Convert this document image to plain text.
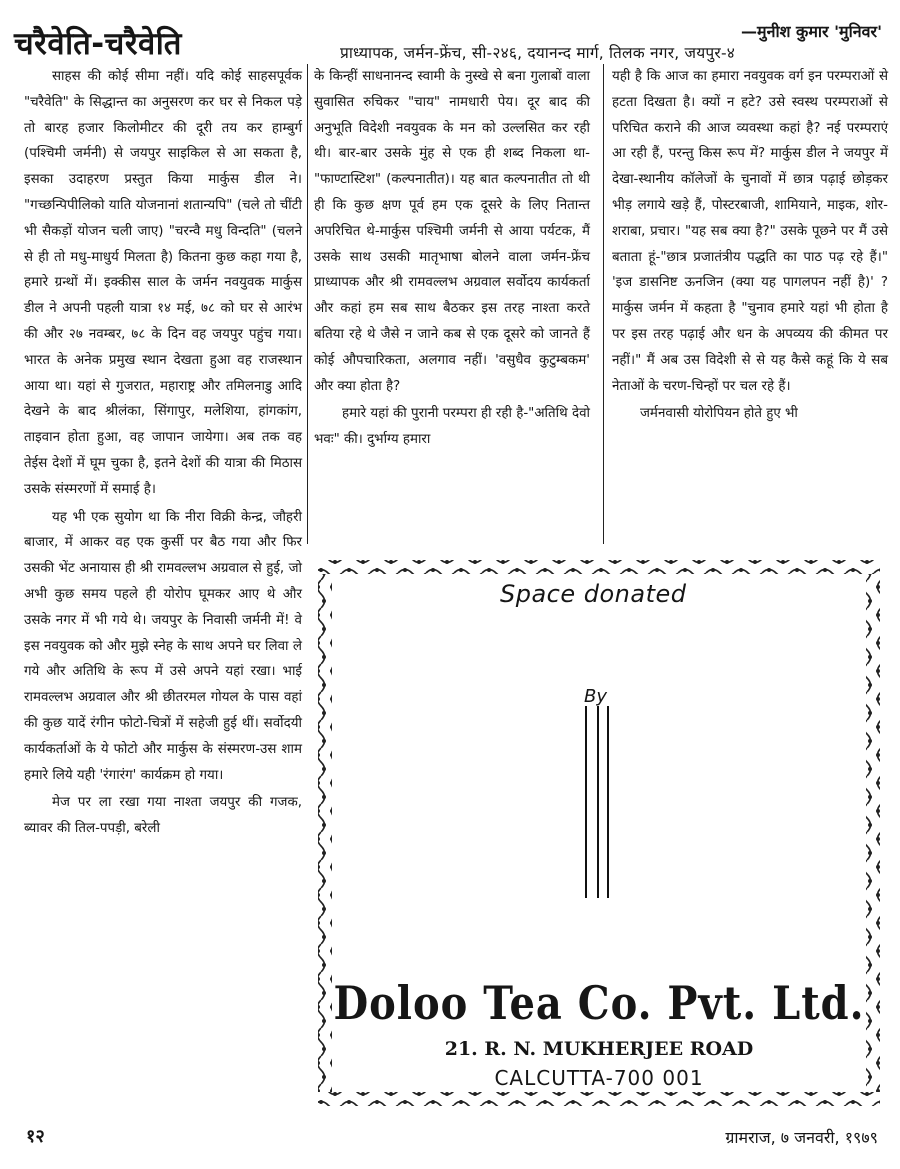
चरैवेति-चरैवेति	—मुनीश कुमार 'मुनिवर'
प्राध्यापक, जर्मन-फ्रेंच, सी-२४६, दयानन्द मार्ग, तिलक नगर, जयपुर-४

साहस की कोई सीमा नहीं। यदि कोई साहसपूर्वक "चरैवेति" के सिद्धान्त का अनुसरण कर घर से निकल पड़े तो बारह हजार किलोमीटर की दूरी तय कर हाम्बुर्ग (पश्चिमी जर्मनी) से जयपुर साइकिल से आ सकता है, इसका उदाहरण प्रस्तुत किया मार्कुस डील ने। "गच्छन्पिपीलिको याति योजनानां शतान्यपि" (चले तो चींटी भी सैकड़ों योजन चली जाए) "चरन्वै मधु विन्दति" (चलने से ही तो मधु-माधुर्य मिलता है) कितना कुछ कहा गया है, हमारे ग्रन्थों में। इक्कीस साल के जर्मन नवयुवक मार्कुस डील ने अपनी पहली यात्रा १४ मई, ७८ को घर से आरंभ की और २७ नवम्बर, ७८ के दिन वह जयपुर पहुंच गया। भारत के अनेक प्रमुख स्थान देखता हुआ वह राजस्थान आया था। यहां से गुजरात, महाराष्ट्र और तमिलनाडु आदि देखने के बाद श्रीलंका, सिंगापुर, मलेशिया, हांगकांग, ताइवान होता हुआ, वह जापान जायेगा। अब तक वह तेईस देशों में घूम चुका है, इतने देशों की यात्रा की मिठास उसके संस्मरणों में समाई है।

यह भी एक सुयोग था कि नीरा विक्री केन्द्र, जौहरी बाजार, में आकर वह एक कुर्सी पर बैठ गया और फिर उसकी भेंट अनायास ही श्री रामवल्लभ अग्रवाल से हुई, जो अभी कुछ समय पहले ही योरोप घूमकर आए थे और उसके नगर में भी गये थे। जयपुर के निवासी जर्मनी में! वे इस नवयुवक को और मुझे स्नेह के साथ अपने घर लिवा ले गये और अतिथि के रूप में उसे अपने यहां रखा। भाई रामवल्लभ अग्रवाल और श्री छीतरमल गोयल के पास वहां की कुछ यादें रंगीन फोटो-चित्रों में सहेजी हुई थीं। सर्वोदयी कार्यकर्ताओं के ये फोटो और मार्कुस के संस्मरण-उस शाम हमारे लिये यही 'रंगारंग' कार्यक्रम हो गया।

मेज पर ला रखा गया नाश्ता जयपुर की गजक, ब्यावर की तिल-पपड़ी, बरेली

के किन्हीं साधनानन्द स्वामी के नुस्खे से बना गुलाबों वाला सुवासित रुचिकर "चाय" नामधारी पेय। दूर बाद की अनुभूति विदेशी नवयुवक के मन को उल्लसित कर रही थी। बार-बार उसके मुंह से एक ही शब्द निकला था-"फाण्टास्टिश" (कल्पनातीत)। यह बात कल्पनातीत तो थी ही कि कुछ क्षण पूर्व हम एक दूसरे के लिए नितान्त अपरिचित थे-मार्कुस पश्चिमी जर्मनी से आया पर्यटक, मैं उसके साथ उसकी मातृभाषा बोलने वाला जर्मन-फ्रेंच प्राध्यापक और श्री रामवल्लभ अग्रवाल सर्वोदय कार्यकर्ता और कहां हम सब साथ बैठकर इस तरह नाश्ता करते बतिया रहे थे जैसे न जाने कब से एक दूसरे को जानते हैं कोई औपचारिकता, अलगाव नहीं। 'वसुधैव कुटुम्बकम' और क्या होता है?

हमारे यहां की पुरानी परम्परा ही रही है-"अतिथि देवो भवः" की। दुर्भाग्य हमारा

यही है कि आज का हमारा नवयुवक वर्ग इन परम्पराओं से हटता दिखता है। क्यों न हटे? उसे स्वस्थ परम्पराओं से परिचित कराने की आज व्यवस्था कहां है? नई परम्पराएं आ रही हैं, परन्तु किस रूप में? मार्कुस डील ने जयपुर में देखा-स्थानीय कॉलेजों के चुनावों में छात्र पढ़ाई छोड़कर भीड़ लगाये खड़े हैं, पोस्टरबाजी, शामियाने, माइक, शोर-शराबा, प्रचार। "यह सब क्या है?" उसके पूछने पर मैं उसे बताता हूं-"छात्र प्रजातंत्रीय पद्धति का पाठ पढ़ रहे हैं।" 'इज डासनिष्ट ऊनजिन (क्या यह पागलपन नहीं है)' ? मार्कुस जर्मन में कहता है "चुनाव हमारे यहां भी होता है पर इस तरह पढ़ाई और धन के अपव्यय की कीमत पर नहीं।" मैं अब उस विदेशी से से यह कैसे कहूं कि ये सब नेताओं के चरण-चिन्हों पर चल रहे हैं।

जर्मनवासी योरोपियन होते हुए भी

Space donated
By
Doloo Tea Co. Pvt. Ltd.
21. R. N. MUKHERJEE ROAD
CALCUTTA-700 001
१२	ग्रामराज, ७ जनवरी, १९७९
